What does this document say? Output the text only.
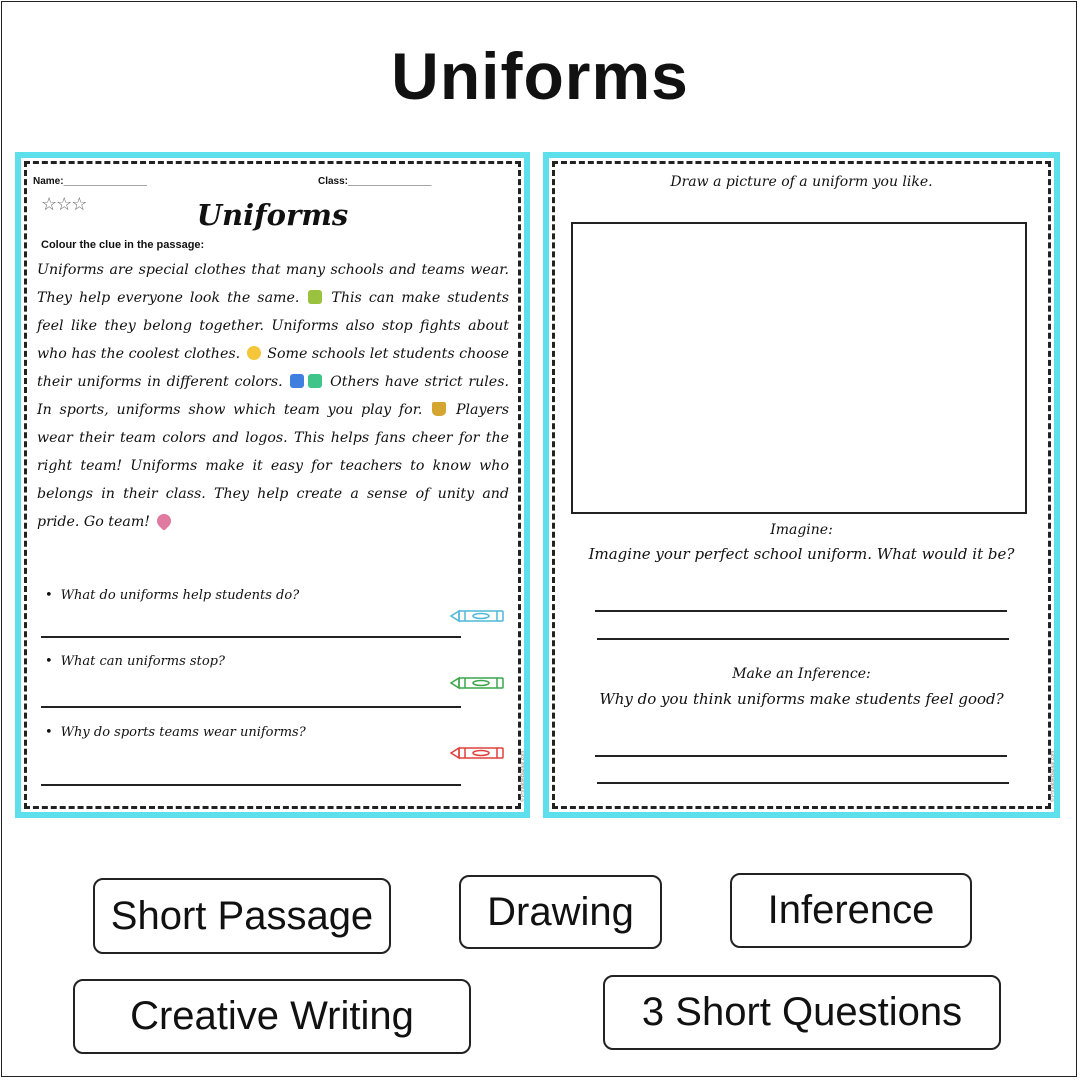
Uniforms
Name:_______________	Class:_______________
☆☆☆	Uniforms
Colour the clue in the passage:
Uniforms are special clothes that many schools and teams wear. They help everyone look the same.  This can make students feel like they belong together. Uniforms also stop fights about who has the coolest clothes.  Some schools let students choose their uniforms in different colors.	Others have strict rules. In sports, uniforms show which team you play for.  Players wear their team colors and logos. This helps fans cheer for the right team! Uniforms make it easy for teachers to know who belongs in their class. They help create a sense of unity and pride. Go team!
• What do uniforms help students do?
• What can uniforms stop?
• Why do sports teams wear uniforms?
© PrintableBazaar.com
Draw a picture of a uniform you like.
Imagine:
Imagine your perfect school uniform. What would it be?
Make an Inference:
Why do you think uniforms make students feel good?
© PrintableBazaar.com
Short Passage	Drawing	Inference
Creative Writing	3 Short Questions
